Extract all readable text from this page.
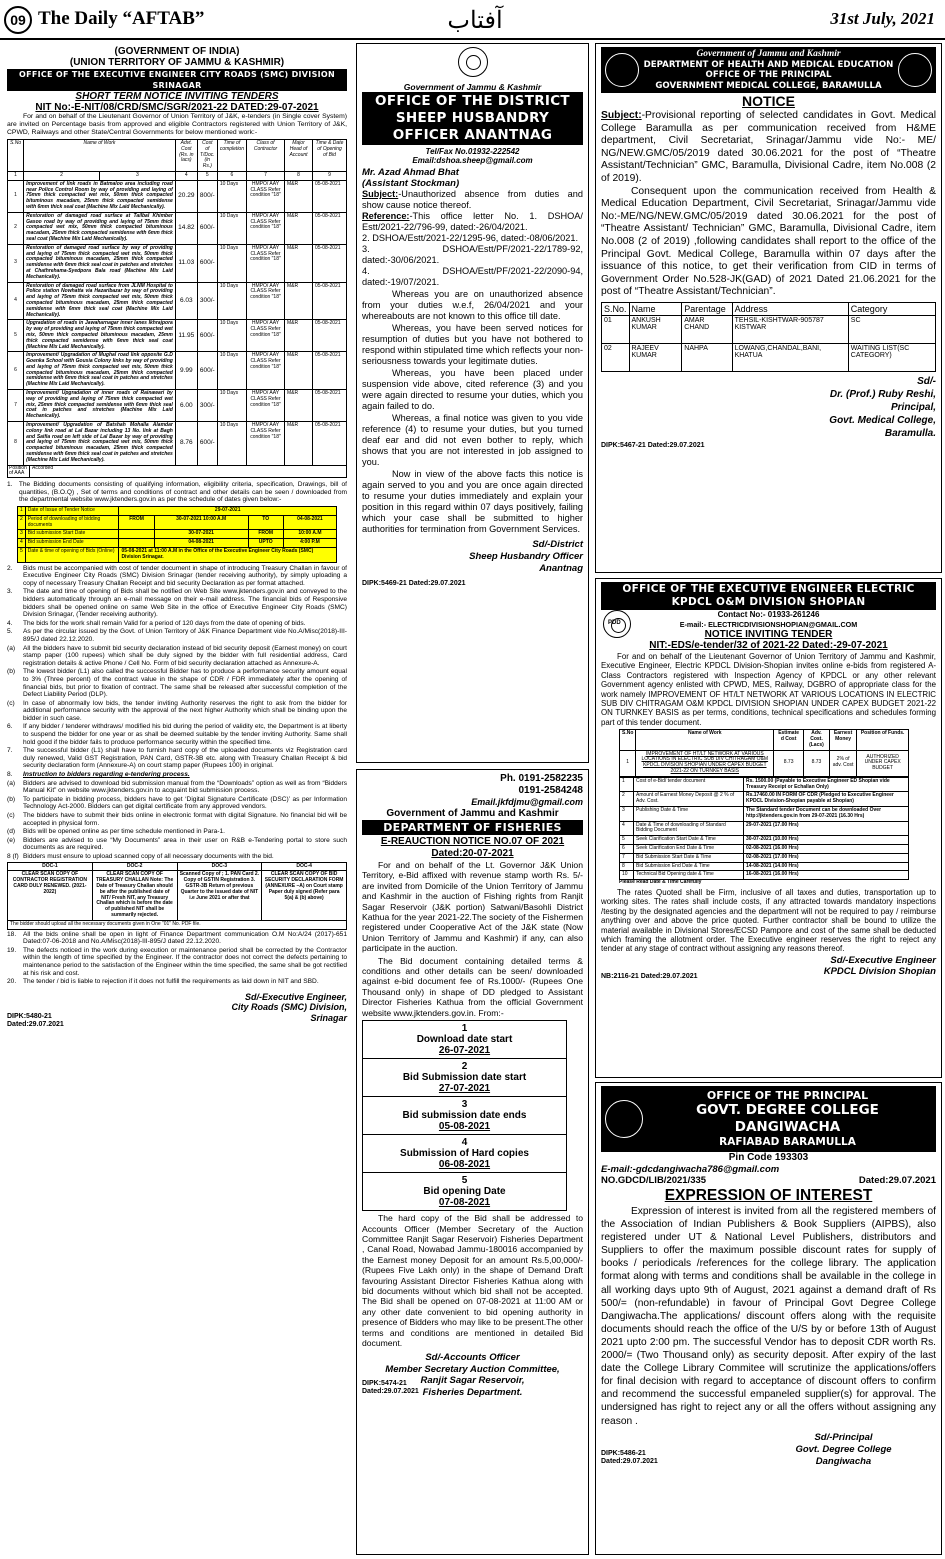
09 The Daily “AFTAB”	آفتاب	31st July, 2021
(GOVERNMENT OF INDIA)
(UNION TERRITORY OF JAMMU & KASHMIR)
OFFICE OF THE EXECUTIVE ENGINEER CITY ROADS (SMC) DIVISION SRINAGAR
SHORT TERM NOTICE INVITING TENDERS
NIT No:-E-NIT/08/CRD/SMC/SGR/2021-22 DATED:29-07-2021
For and on behalf of the Lieutenant Governor of Union Territory of J&K, e-tenders (in Single cover System) are invited on Percentage basis from approved and eligible Contractors registered with Union Territory of J&K, CPWD, Railways and other State/Central Governments for below mentioned work:-
S.No	Name of Work		Advt. Cost (Rs. in lacs)	Cost of T/Doc. (in Rs.)	Time of completion	Class of Contractor	Major Head of Account	Time & Date of Opening of Bid
1	2	3	4	5	6	7	8	9
1	Improvement of link roads in Batmaloo area including road near Police Control Room by way of providing and laying of 75mm thick compacted wet mix, 50mm thick compacted bituminous macadam, 25mm thick compacted semidense with 6mm thick seal coat (Machine Mix Laid Mechanically).		20.29	800/-	10 Days	HMPO/ AAY CLASS Refer condition "18"	M&R	05-08-2021
2	Restoration of damaged road surface at Tailbal Khimber Gasoo road by way of providing and laying of 75mm thick compacted wet mix, 50mm thick compacted bituminous macadam, 25mm thick compacted semidense with 6mm thick seal coat (Machine Mix Laid Mechanically).		14.82	600/-	10 Days	HMPO/ AAY CLASS Refer condition "18"	M&R	05-08-2021
3	Restoration of damaged road surface by way of providing and laying of 75mm thick compacted wet mix, 50mm thick compacted bituminous macadam, 25mm thick compacted semidense with 6mm thick seal coat in patches and stretches at Chathrehama-Syedpora Bala road (Machine Mix Laid Mechanically).		11.03	600/-	10 Days	HMPO/ AAY CLASS Refer condition "18"	M&R	05-08-2021
4	Restoration of damaged road surface from JLNM Hospital to Police station Nowhatta via Hazaribazar by way of providing and laying of 75mm thick compacted wet mix, 50mm thick compacted bituminous macadam, 25mm thick compacted semidense with 6mm thick seal coat (Machine Mix Laid Mechanically).		6.03	300/-	10 Days	HMPO/ AAY CLASS Refer condition "18"	M&R	05-08-2021
5	Upgradation of roads in Jawaharnagar inner lanes Ikhrajpora by way of providing and laying of 75mm thick compacted wet mix, 50mm thick compacted bituminous macadam, 25mm thick compacted semidense with 6mm thick seal coat (Machine Mix Laid Mechanically).		11.95	600/-	10 Days	HMPO/ AAY CLASS Refer condition "18"	M&R	05-08-2021
6	Improvement/ Upgradation of Mughal road link opposite G.D Goenka School with Gousia Colony links by way of providing and laying of 75mm thick compacted wet mix, 50mm thick compacted bituminous macadam, 25mm thick compacted semidense with 6mm thick seal coat in patches and stretches (Machine Mix Laid Mechanically).		9.99	600/-	10 Days	HMPO/ AAY CLASS Refer condition "18"	M&R	05-08-2021
7	Improvement/ Upgradation of inner roads of Rainawari by way of providing and laying of 75mm thick compacted wet mix, 25mm thick compacted semidense with 6mm thick seal coat in patches and stretches (Machine Mix Laid Mechanically).		6.00	300/-	10 Days	HMPO/ AAY CLASS Refer condition "18"	M&R	05-08-2021
8	Improvement/ Upgradation of Batshah Mohalla Alamdar colony link road at Lal Bazar including 13 No. link at Bagh and Saifia road on left side of Lal Bazar by way of providing and laying of 75mm thick compacted wet mix, 50mm thick compacted bituminous macadam, 25mm thick compacted semidense with 6mm thick seal coat in patches and stretches (Machine Mix Laid Mechanically).		8.76	600/-	10 Days	HMPO/ AAY CLASS Refer condition "18"	M&R	05-08-2021
Position of AAA
Accorded
1.  The Bidding documents consisting of qualifying information, eligibility criteria, specification, Drawings, bill of quantities, (B.O.Q) , Set of terms and conditions of contract and other details can be seen / downloaded from the departmental website www.jktenders.gov.in as per the schedule of dates given below:-
1	Date of Issue of Tender Notice	29-07-2021			
2	Period of downloading of bidding documents	FROM	30-07-2021 10:00 A.M	TO	04-08-2021
3	Bid submission Start Date		30-07-2021	FROM	10:00 A.M
4	Bid submission End Date		04-08-2021	UPTO	4:00 P.M
5	Date & time of opening of Bids (Online)	05-08-2021 at 11:00 A.M in the Office of the Executive Engineer City Roads (SMC) Division Srinagar.			
2.	Bids must be accompanied with cost of tender document in shape of introducing Treasury Challan in favour of Executive Engineer City Roads (SMC) Division Srinagar (tender receiving authority), by simply uploading a copy of necessary Treasury Challan Receipt and bid security Declaration as per format attached.
3.	The date and time of opening of Bids shall be notified on Web Site www.jktenders.gov.in and conveyed to the bidders automatically through an e-mail message on their e-mail address. The financial bids of Responsive bidders shall be opened online on same Web Site in the office of Executive Engineer City Roads (SMC) Division Srinagar, (Tender receiving authority).
4.	The bids for the work shall remain Valid for a period of 120 days from the date of opening of bids.
5.	As per the circular issued by the Govt. of Union Territory of J&K Finance Department vide No.A/Misc(2018)-III-895/J dated 22.12.2020.
(a)	All the bidders have to submit bid security declaration instead of bid security deposit (Earnest money) on court stamp paper (100 rupees) which shall be duly signed by the bidder with full residential address, Card registration details & active Phone / Cell No. Form of bid security declaration attached as Annexure-A.
(b)	The lowest bidder (L1) also called the successful Bidder has to produce a performance security amount equal to 3% (Three percent) of the contract value in the shape of CDR / FDR immediately after the opening of financial bids, but prior to fixation of contract. The same shall be released after successful completion of the Defect Liability Period (DLP).
(c)	In case of abnormally low bids, the tender inviting Authority reserves the right to ask from the bidder for additional performance security with the approval of the next higher Authority which shall be binding upon the bidder in such case.
6.	If any bidder / tenderer withdraws/ modified his bid during the period of validity etc, the Department is at liberty to suspend the bidder for one year or as shall be deemed suitable by the tender inviting Authority. Same shall hold good if the bidder fails to produce performance security within the specified time.
7.	The successful bidder (L1) shall have to furnish hard copy of the uploaded documents viz Registration card duly renewed, Valid GST Registration, PAN Card, GSTR-3B etc. along with Treasury Challan Receipt & bid security declaration form (Annexure-A) on court stamp paper (Rupees 100) in original.
8.	Instruction to bidders regarding e-tendering process.
(a)	Bidders are advised to download bid submission manual from the “Downloads” option as well as from “Bidders Manual Kit” on website www.jktenders.gov.in to acquaint bid submission process.
(b)	To participate in bidding process, bidders have to get ‘Digital Signature Certificate (DSC)’ as per Information Technology Act-2000. Bidders can get digital certificate from any approved vendors.
(c)	The bidders have to submit their bids online in electronic format with digital Signature. No financial bid will be accepted in physical form.
(d)	Bids will be opened online as per time schedule mentioned in Para-1.
(e)	Bidders are advised to use “My Documents” area in their user on R&B e-Tendering portal to store such documents as are required.
8 (f) Bidders must ensure to upload scanned copy of all necessary documents with the bid.
DOC-1	DOC-2	DOC-3	DOC-4
CLEAR SCAN COPY OF CONTRACTOR REGISTRATION CARD DULY RENEWED. (2021-2022)	CLEAR SCAN COPY OF TREASURY CHALLAN Note: The Date of Treasury Challan should be after the published date of NIT/ Fresh NIT, any Treasury Challan which is before the date of published NIT shall be summarily rejected.	Scanned Copy of ; 1. PAN Card 2. Copy of GSTIN Registration 3. GSTR-3B Return of previous Quarter to the issued date of NIT i.e June 2021 or after that	CLEAR SCAN COPY OF BID SECURITY DECLARATION FORM (ANNEXURE –A) on Court stamp Paper duly signed (Refer para 5(a) & (b) above)
The bidder should upload all the necessary documents given in One “01” No. PDF file.			
18.	All the bids online shall be open in light of Finance Department communication O.M No:A/24 (2017)-651 Dated:07-06-2018 and No.A/Misc(2018)-III-895/J dated 22.12.2020.
19.	The defects noticed in the work during execution or maintenance period shall be corrected by the Contractor within the length of time specified by the Engineer. If the contractor does not correct the defects pertaining to maintenance period to the satisfaction of the Engineer within the time specified, the same shall be got rectified at his risk and cost.
20.	The tender / bid is liable to rejection if it does not fulfill the requirements as laid down in NIT and SBD.
Sd/-Executive Engineer,
City Roads (SMC) Division,
Srinagar
DIPK:5480-21
Dated:29.07.2021
Government of Jammu & Kashmir
OFFICE OF THE DISTRICT SHEEP HUSBANDRY OFFICER ANANTNAG
Tel/Fax No.01932-222542
Email:dshoa.sheep@gmail.com
Mr. Azad Ahmad Bhat
(Assistant Stockman)
Subject:-Unauthorized absence from duties and show cause notice thereof.
Reference:-This office letter No. 1. DSHOA/ Estt/2021-22/796-99, dated:-26/04/2021.
2. DSHOA/Estt/2021-22/1295-96, dated:-08/06/2021.
3. DSHOA/Estt/PF/2021-22/1789-92, dated:-30/06/2021.
4. DSHOA/Estt/PF/2021-22/2090-94, dated:-19/07/2021.
Whereas you are on unauthorized absence from your duties w.e.f, 26/04/2021 and your whereabouts are not known to this office till date.
Whereas, you have been served notices for resumption of duties but you have not bothered to respond within stipulated time which reflects your non-seriousness towards your legitimate duties.
Whereas, you have been placed under suspension vide above, cited reference (3) and you were again directed to resume your duties, which you again failed to do.
Whereas, a final notice was given to you vide reference (4) to resume your duties, but you turned deaf ear and did not even bother to reply, which shows that you are not interested in job assigned to you.
Now in view of the above facts this notice is again served to you and you are once again directed to resume your duties immediately and explain your position in this regard within 07 days positively, failing which your case shall be submitted to higher authorities for termination from Government Services.
Sd/-District
Sheep Husbandry Officer
Anantnag
DIPK:5469-21 Dated:29.07.2021
Ph. 0191-2582235
0191-2584248
Email.jkfdjmu@gmail.com
Government of Jammu and Kashmir
DEPARTMENT OF FISHERIES
E-REAUCTION NOTICE NO.07 OF 2021
Dated:20-07-2021
For and on behalf of the Lt. Governor J&K Union Territory, e-Bid affixed with revenue stamp worth Rs. 5/- are invited from Domicile of the Union Territory of Jammu and Kashmir in the auction of Fishing rights from Ranjit Sagar Reservoir (J&K portion) Satwani/Basohli District Kathua for the year 2021-22.The society of the Fishermen registered under Cooperative Act of the J&K state (Now Union Territory of Jammu and Kashmir) if any, can also participate in the auction.
The Bid document containing detailed terms & conditions and other details can be seen/ downloaded against e-bid document fee of Rs.1000/- (Rupees One Thousand only) in shape of DD pledged to Assistant Director Fisheries Kathua from the official Government website www.jktenders.gov.in. From:-
1
Download date start
26-07-2021

2
Bid Submission date start
27-07-2021

3
Bid submission date ends
05-08-2021

4
Submission of Hard copies
06-08-2021

5
Bid opening Date
07-08-2021
The hard copy of the Bid shall be addressed to Accounts Officer (Member Secretary of the Auction Committee Ranjit Sagar Reservoir) Fisheries Department , Canal Road, Nowabad Jammu-180016 accompanied by the Earnest money Deposit for an amount Rs.5,00,000/- (Rupees Five Lakh only) in the shape of Demand Draft favouring Assistant Director Fisheries Kathua along with bid documents without which bid shall not be accepted. The Bid shall be opened on 07-08-2021 at 11:00 AM or any other date convenient to bid opening authority in presence of Bidders who may like to be present.The other terms and conditions are mentioned in detailed Bid document.
Sd/-Accounts Officer
Member Secretary Auction Committee,
Ranjit Sagar Reservoir,
Fisheries Department.
DIPK:5474-21
Dated:29.07.2021
Government of Jammu and Kashmir
DEPARTMENT OF HEALTH AND MEDICAL EDUCATION
OFFICE OF THE PRINCIPAL
GOVERNMENT MEDICAL COLLEGE, BARAMULLA
NOTICE
Subject:-Provisional reporting of selected candidates in Govt. Medical College Baramulla as per communication received from H&ME department, Civil Secretariat, Srinagar/Jammu vide No:- ME/ NG/NEW.GMC/05/2019 dated 30.06.2021 for the post of “Theatre Assistant/Technician” GMC, Baramulla, Divisional Cadre, item No.008 (2 of 2019).
Consequent upon the communication received from Health & Medical Education Department, Civil Secretariat, Srinagar/Jammu vide No:-ME/NG/NEW.GMC/05/2019 dated 30.06.2021 for the post of “Theatre Assistant/ Technician” GMC, Baramulla, Divisional Cadre, item No.008 (2 of 2019) ,following candidates shall report to the office of the Principal Govt. Medical College, Baramulla within 07 days after the issuance of this notice, to get their verification from CID in terms of Government Order No.528-JK(GAD) of 2021 Dated 21.06.2021 for the post of “Theatre Assistant/Technician”.
S.No.	Name	Parentage	Address	Category
01	ANKUSH KUMAR	AMAR CHAND	TEHSIL-KISHTWAR-905787 KISTWAR	SC
02	RAJEEV KUMAR	NAHPA	LOWANG,CHANDAL,BANI, KHATUA	WAITING LIST(SC CATEGORY)
Sd/-
Dr. (Prof.) Ruby Reshi,
Principal,
Govt. Medical College,
Baramulla.
DIPK:5467-21 Dated:29.07.2021
OFFICE OF THE EXECUTIVE ENGINEER ELECTRIC KPDCL O&M DIVISION SHOPIAN
PDD
Contact No:- 01933-261246
E-mail:- ELECTRICDIVISIONSHOPIAN@GMAIL.COM
NOTICE INVITING TENDER
NIT:-EDS/e-tender/32 of 2021-22 Dated:-29-07-2021
For and on behalf of the Lieutenant Governor of Union Territory of Jammu and Kashmir, Executive Engineer, Electric KPDCL Division-Shopian invites online e-bids from registered A-Class Contractors registered with Inspection Agency of KPDCL or any other relevant Government agency enlisted with CPWD, MES, Railway, DGBRO of appropriate class for the work namely IMPROVEMENT OF HT/LT NETWORK AT VARIOUS LOCATIONS IN ELECTRIC SUB DIV CHITRAGAM O&M KPDCL DIVISION SHOPIAN UNDER CAPEX BUDGET 2021-22 ON TURNKEY BASIS as per terms, conditions, technical specifications and schedules forming part of this tender document.
S.No	Name of Work	Estimate d Cost	Adv. Cost. (Lacs)	Earnest Money	Position of Funds.
1	IMPROVEMENT OF HT/LT NETWORK AT VARIOUS LOCATIONS IN ELECTRIC SUB DIV CHITRAGAM O&M KPDCL DIVISION SHOPIAN UNDER CAPEX BUDGET 2021-22 ON TURNKEY BASIS	8.73	8.73	2% of adv. Cost	AUTHORIZED UNDER CAPEX BUDGET
1	Cost of e-Bid/ tender document	Rs. 1500.00 (Payable to Executive Engineer ED Shopian vide Treasury Receipt or Echallan Only)
2	Amount of Earnest Money Deposit @ 2 % of Adv. Cost.	Rs.17460.00 IN FORM OF CDR (Pledged to Executive Engineer KPDCL Division-Shopian payable at Shopian)
3	Publishing Date & Time	The Standard tender Document can be downloaded Over http://jktenders.gov.in from 29-07-2021 (16.30 Hrs)
4	Date & Time of downloading of Standard Bidding Document	29-07-2021 (17.00 Hrs)
5	Seek Clarification Start Date & Time	30-07-2021 (10.00 Hrs)
6	Seek Clarification End Date & Time	02-08-2021 (16.00 Hrs)
7	Bid Submission Start Date & Time	02-08-2021 (17.00 Hrs)
8	Bid Submission End Date & Time	14-08-2021 (14.00 Hrs)
10	Technical Bid Opening date & Time	16-08-2021 (16.00 Hrs)
Please Read Date & Time Carefully
The rates Quoted shall be Firm, inclusive of all taxes and duties, transportation up to working sites. The rates shall include costs, if any attracted towards mandatory inspections /testing by the designated agencies and the department will not be required to pay / reimburse anything over and above the price quoted. Further contractor shall be bound to utilize the material available in Divisional Stores/ECSD Pampore and cost of the same shall be deducted which framing the allotment order. The Executive engineer reserves the right to reject any tender at any stage of contract without assigning any reasons thereof.
Sd/-Executive Engineer
KPDCL Division Shopian
NB:2116-21 Dated:29.07.2021
OFFICE OF THE PRINCIPAL
GOVT. DEGREE COLLEGE DANGIWACHA
RAFIABAD BARAMULLA
Pin Code 193303
E-mail:-gdcdangiwacha786@gmail.com
NO.GDCD/LIB/2021/335	Dated:29.07.2021
EXPRESSION OF INTEREST
Expression of interest is invited from all the registered members of the Association of Indian Publishers & Book Suppliers (AIPBS), also registered under UT & National Level Publishers, distributors and Suppliers to offer the maximum possible discount rates for supply of books / periodicals /references for the college library. The application format along with terms and conditions shall be available in the college in all working days upto 9th of August, 2021 against a demand draft of Rs 500/= (non-refundable) in favour of Principal Govt Degree College Dangiwacha.The applications/ discount offers along with the requisite documents should reach the office of the U/S by or before 13th of August 2021 upto 2:00 pm. The successful Vendor has to deposit CDR worth Rs. 2000/= (Two Thousand only) as security deposit. After expiry of the last date the College Library Commitee will scrutinize the applications/offers for final decision with regard to acceptance of discount offers to confirm and recommend the successful empaneled supplier(s) for approval. The undersigned has right to reject any or all the offers without assigning any reason .
Sd/-Principal
Govt. Degree College
Dangiwacha
DIPK:5486-21
Dated:29.07.2021
